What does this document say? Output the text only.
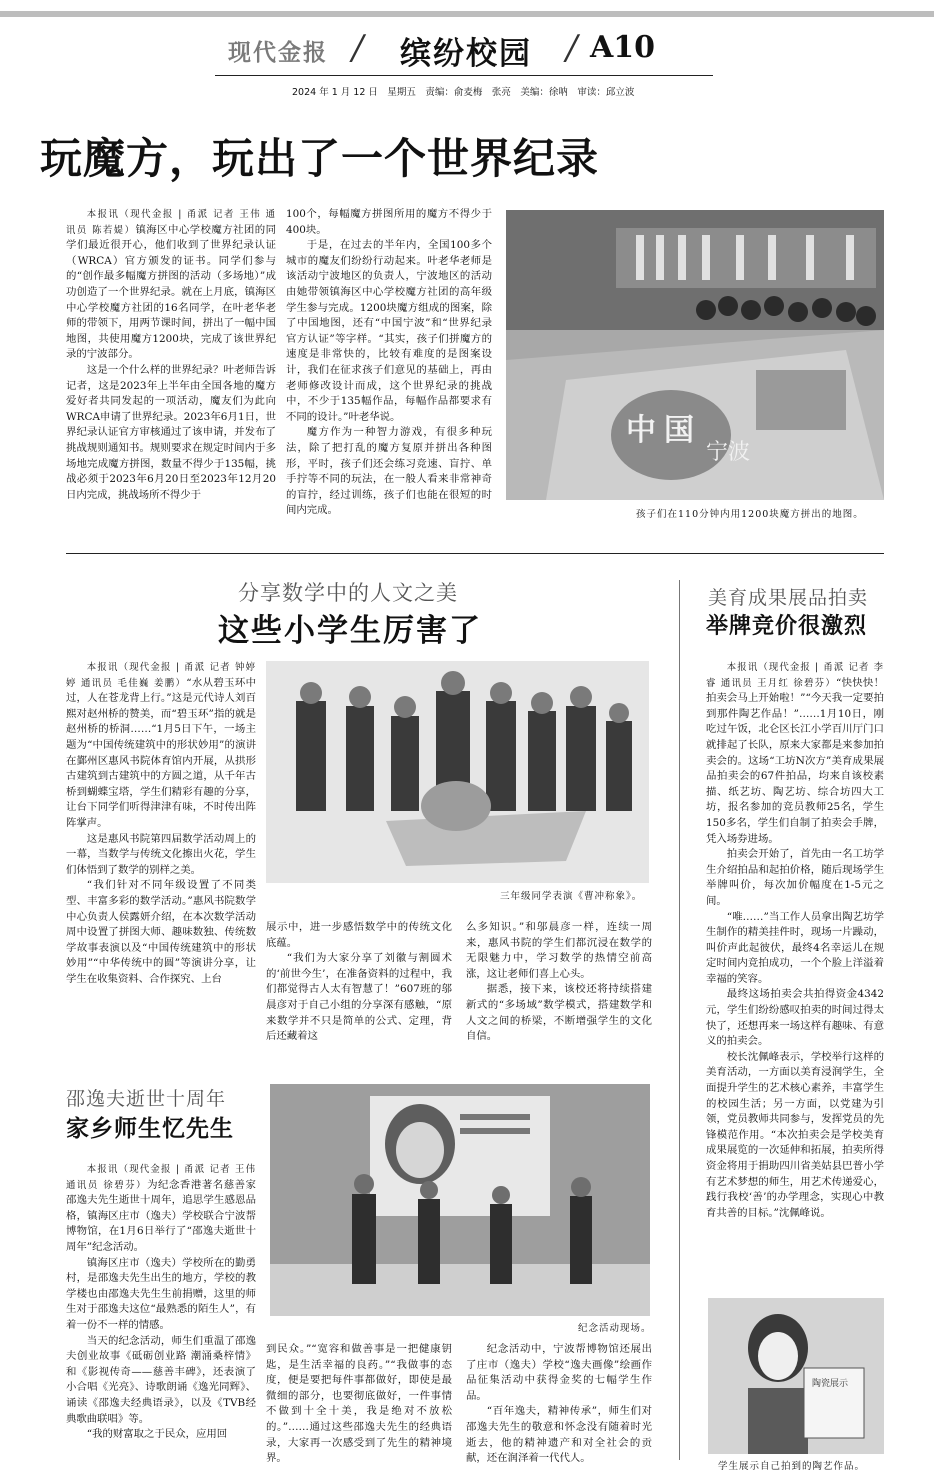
现代金报 / 缤纷校园 / A10
2024 年 1 月 12 日　星期五　责编：俞麦梅　张亮　美编：徐呐　审读：邱立波
玩魔方，玩出了一个世界纪录

本报讯（现代金报 | 甬派 记者 王伟 通讯员 陈若媞）镇海区中心学校魔方社团的同学们最近很开心，他们收到了世界纪录认证（WRCA）官方颁发的证书。同学们参与的“创作最多幅魔方拼图的活动（多场地）”成功创造了一个世界纪录。就在上月底，镇海区中心学校魔方社团的16名同学，在叶老华老师的带领下，用两节课时间，拼出了一幅中国地图，共使用魔方1200块，完成了该世界纪录的宁波部分。

这是一个什么样的世界纪录？叶老师告诉记者，这是2023年上半年由全国各地的魔方爱好者共同发起的一项活动，魔友们为此向WRCA申请了世界纪录。2023年6月1日，世界纪录认证官方审核通过了该申请，并发布了挑战规则通知书。规则要求在规定时间内于多场地完成魔方拼图，数量不得少于135幅，挑战必须于2023年6月20日至2023年12月20日内完成，挑战场所不得少于

100个，每幅魔方拼图所用的魔方不得少于400块。

于是，在过去的半年内，全国100多个城市的魔友们纷纷行动起来。叶老华老师是该活动宁波地区的负责人，宁波地区的活动由她带领镇海区中心学校魔方社团的高年级学生参与完成。1200块魔方组成的图案，除了中国地图，还有“中国宁波”和“世界纪录 官方认证”等字样。“其实，孩子们拼魔方的速度是非常快的，比较有难度的是图案设计，我们在征求孩子们意见的基础上，再由老师修改设计而成，这个世界纪录的挑战中，不少于135幅作品，每幅作品都要求有不同的设计。”叶老华说。

魔方作为一种智力游戏，有很多种玩法，除了把打乱的魔方复原并拼出各种图形，平时，孩子们还会练习竞速、盲拧、单手拧等不同的玩法，在一般人看来非常神奇的盲拧，经过训练，孩子们也能在很短的时间内完成。

中国
宁波
孩子们在110分钟内用1200块魔方拼出的地图。
分享数学中的人文之美
这些小学生厉害了

本报讯（现代金报 | 甬派 记者 钟婷婷 通讯员 毛佳巍 姜鹏）“水从碧玉环中过，人在苍龙背上行。”这是元代诗人刘百熙对赵州桥的赞美，而“碧玉环”指的就是赵州桥的桥洞……“1月5日下午，一场主题为“中国传统建筑中的形状妙用”的演讲在鄞州区惠风书院体育馆内开展，从拱形古建筑到古建筑中的方圆之道，从千年古桥到蝴蝶宝塔，学生们精彩有趣的分享，让台下同学们听得津津有味，不时传出阵阵掌声。

这是惠风书院第四届数学活动周上的一幕，当数学与传统文化擦出火花，学生们体悟到了数学的别样之美。

“我们针对不同年级设置了不同类型、丰富多彩的数学活动。”惠风书院数学中心负责人侯露妍介绍，在本次数学活动周中设置了拼图大师、趣味数独、传统数学故事表演以及“中国传统建筑中的形状妙用”“中华传统中的圆”等演讲分享，让学生在收集资料、合作探究、上台

三年级同学表演《曹冲称象》。

展示中，进一步感悟数学中的传统文化底蕴。

“我们为大家分享了刘徽与割圆术的‘前世今生’，在准备资料的过程中，我们都觉得古人太有智慧了！”607班的邬晨彦对于自己小组的分享深有感触，“原来数学并不只是简单的公式、定理，背后还藏着这

么多知识。”和邬晨彦一样，连续一周来，惠风书院的学生们都沉浸在数学的无限魅力中，学习数学的热情空前高涨，这让老师们喜上心头。

据悉，接下来，该校还将持续搭建新式的“多场域”数学模式，搭建数学和人文之间的桥梁，不断增强学生的文化自信。

美育成果展品拍卖
举牌竞价很激烈

本报讯（现代金报 | 甬派 记者 李睿 通讯员 王月红 徐碧芬）“快快快！拍卖会马上开始啦！”“今天我一定要拍到那件陶艺作品！”……1月10日，刚吃过午饭，北仑区长江小学百川厅门口就排起了长队，原来大家都是来参加拍卖会的。这场“工坊N次方”美育成果展品拍卖会的67件拍品，均来自该校素描、纸艺坊、陶艺坊、综合坊四大工坊，报名参加的竞员教师25名，学生150多名，学生们自制了拍卖会手牌，凭入场券进场。

拍卖会开始了，首先由一名工坊学生介绍拍品和起拍价格，随后现场学生举牌叫价，每次加价幅度在1-5元之间。

“唯……”当工作人员拿出陶艺坊学生制作的精美挂件时，现场一片躁动，叫价声此起彼伏，最终4名幸运儿在规定时间内竞拍成功，一个个脸上洋溢着幸福的笑容。

最终这场拍卖会共拍得资金4342元，学生们纷纷感叹拍卖的时间过得太快了，还想再来一场这样有趣味、有意义的拍卖会。

校长沈佩峰表示，学校举行这样的美育活动，一方面以美育浸润学生，全面提升学生的艺术核心素养，丰富学生的校园生活；另一方面，以党建为引领，党员教师共同参与，发挥党员的先锋模范作用。“本次拍卖会是学校美育成果展览的一次延伸和拓展，拍卖所得资金将用于捐助四川省美姑县巴普小学有艺术梦想的师生，用艺术传递爱心，践行我校‘善’的办学理念，实现心中教育共善的目标。”沈佩峰说。

陶瓷展示
学生展示自己拍到的陶艺作品。
邵逸夫逝世十周年
家乡师生忆先生

本报讯（现代金报 | 甬派 记者 王伟 通讯员 徐碧芬）为纪念香港著名慈善家邵逸夫先生逝世十周年，追思学生感恩品格，镇海区庄市（逸夫）学校联合宁波帮博物馆，在1月6日举行了“邵逸夫逝世十周年”纪念活动。

镇海区庄市（逸夫）学校所在的勤勇村，是邵逸夫先生出生的地方，学校的教学楼也由邵逸夫先生生前捐赠，这里的师生对于邵逸夫这位“最熟悉的陌生人”，有着一份不一样的情感。

当天的纪念活动，师生们重温了邵逸夫创业故事《砥砺创业路 潮涌桑梓情》和《影视传奇——慈善丰碑》，还表演了小合唱《光亮》、诗歌朗诵《逸光同辉》、诵读《邵逸夫经典语录》，以及《TVB经典歌曲联唱》等。

“我的财富取之于民众，应用回

纪念活动现场。

到民众。”“宽容和做善事是一把健康钥匙，是生活幸福的良药。”“我做事的态度，便是要把每件事都做好，即使是最微细的部分，也要彻底做好，一件事情不做到十全十美，我是绝对不放松的。”……通过这些邵逸夫先生的经典语录，大家再一次感受到了先生的精神境界。

纪念活动中，宁波帮博物馆还展出了庄市（逸夫）学校“逸夫画像”绘画作品征集活动中获得金奖的七幅学生作品。

“百年逸夫，精神传承”，师生们对邵逸夫先生的敬意和怀念没有随着时光逝去，他的精神遗产和对全社会的贡献，还在润泽着一代代人。
